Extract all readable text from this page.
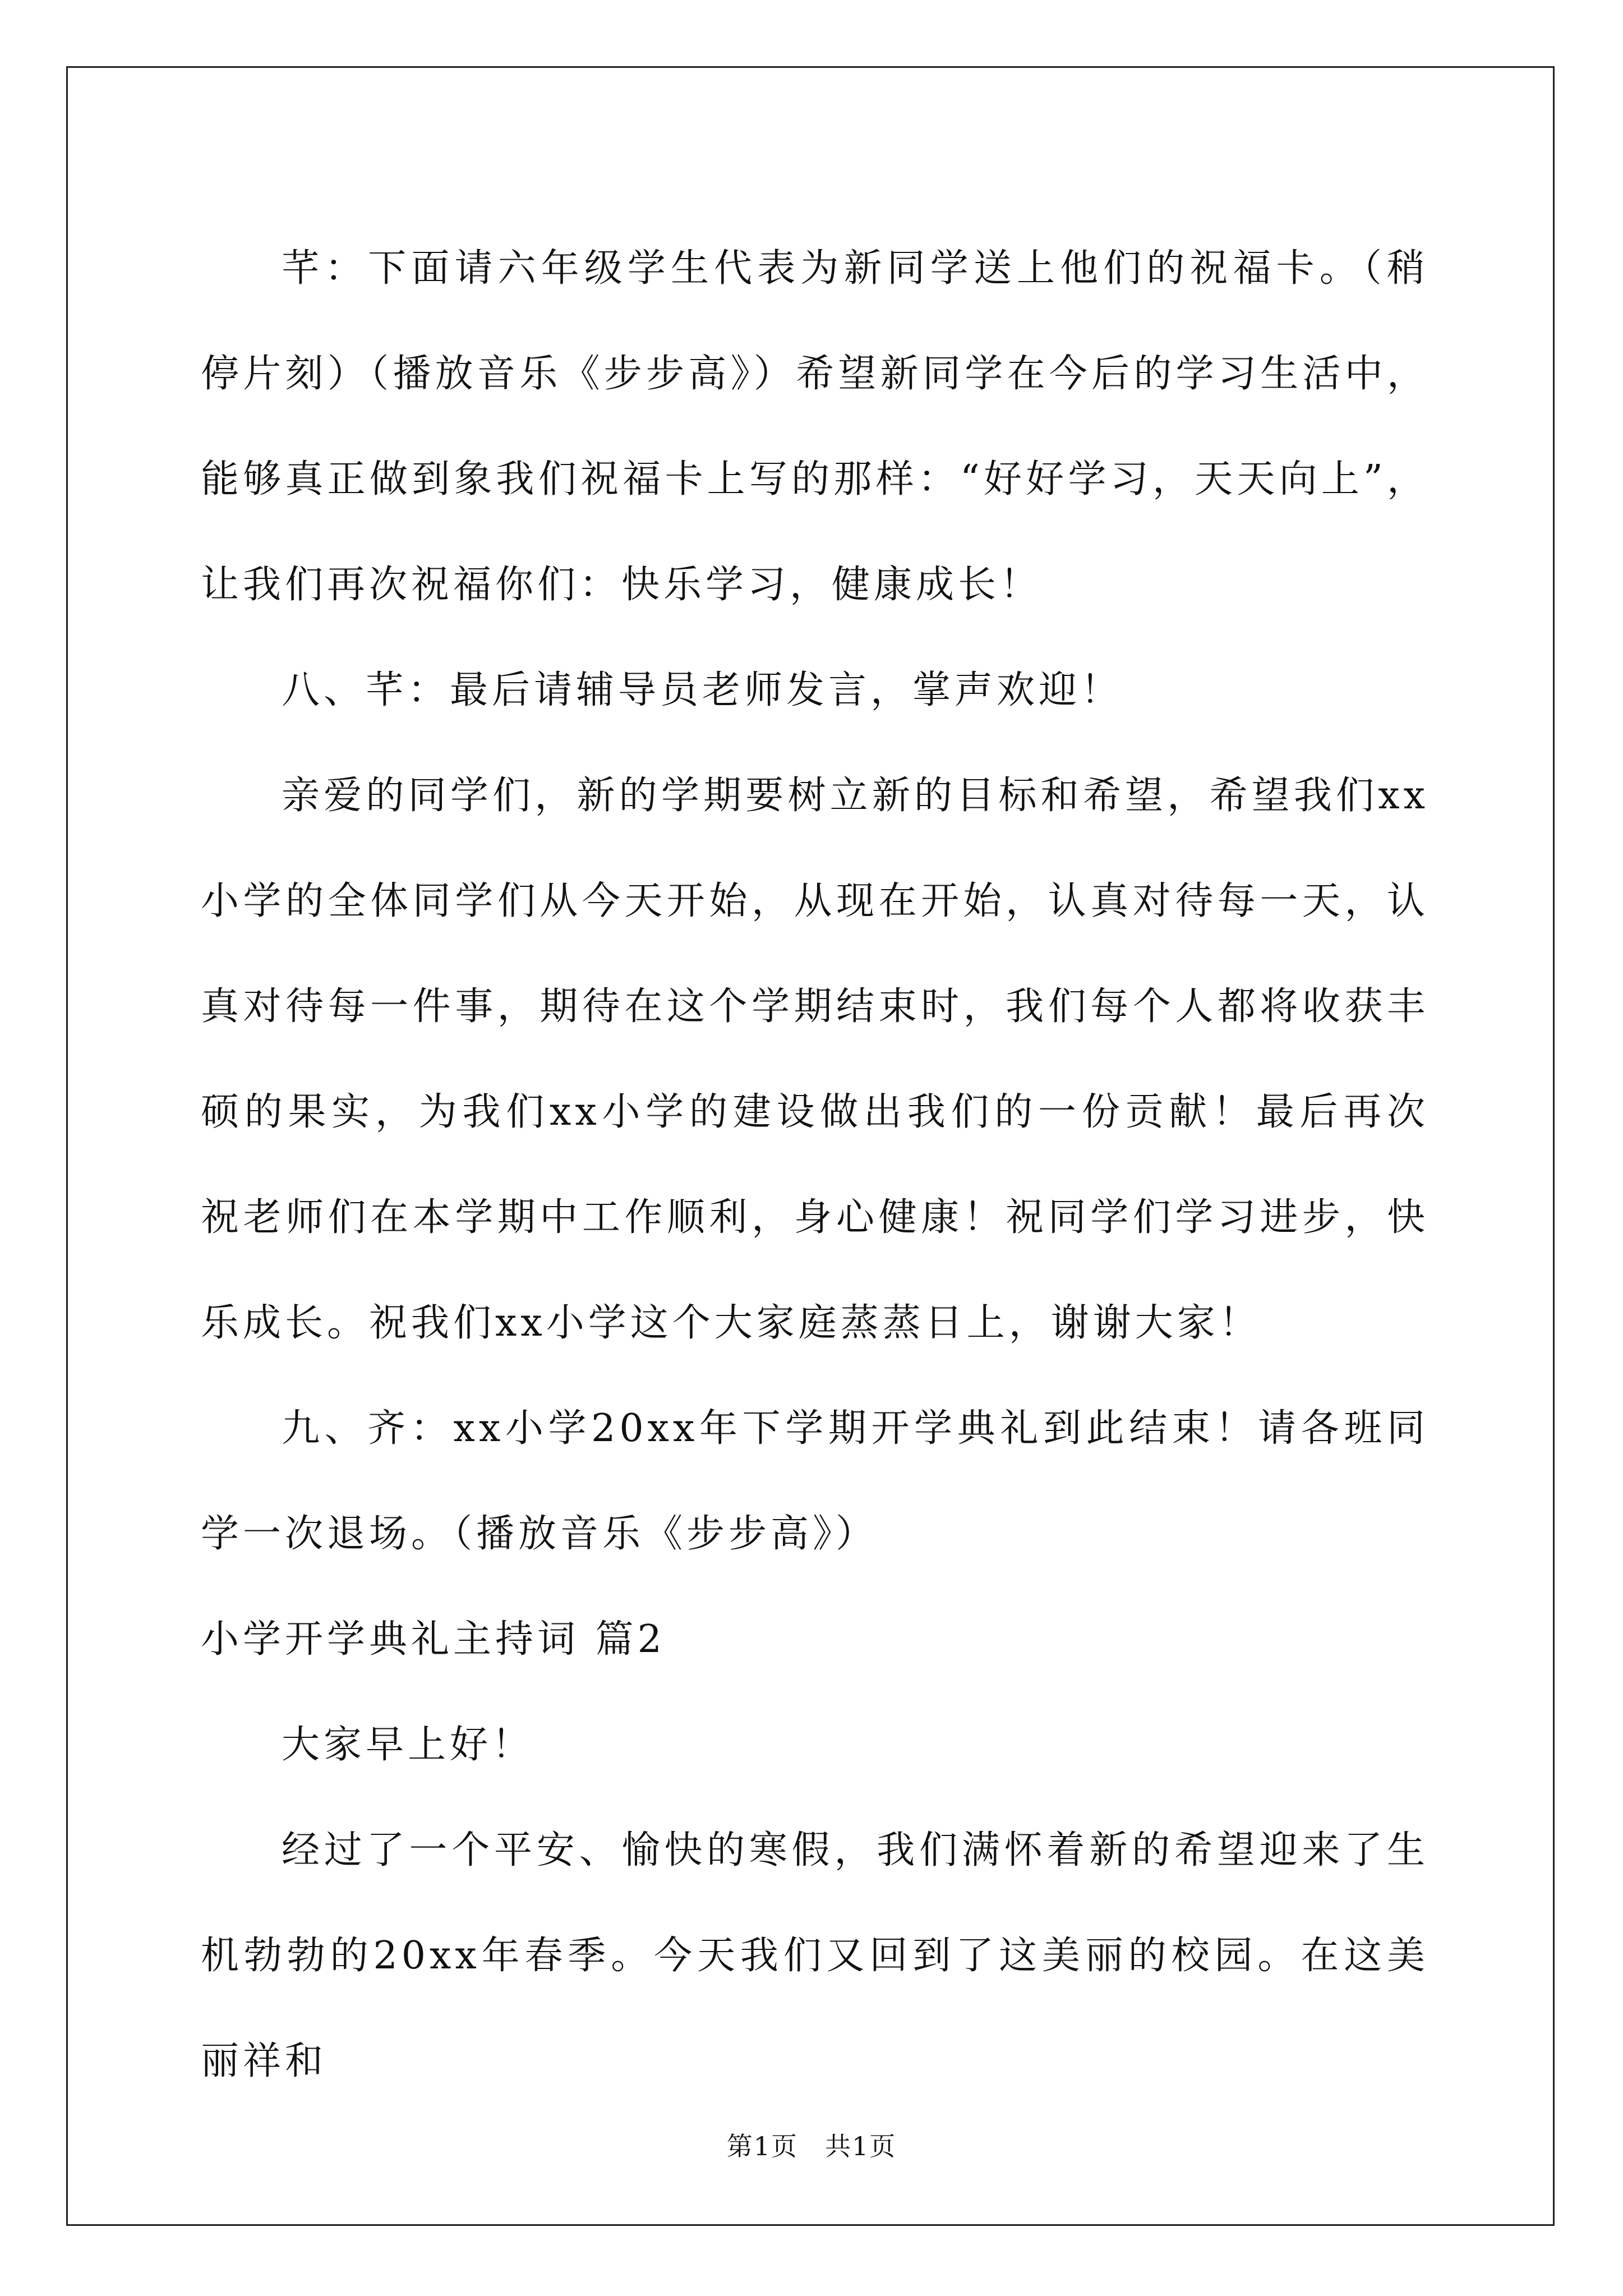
芊：下面请六年级学生代表为新同学送上他们的祝福卡。（稍停片刻）（播放音乐《步步高》）希望新同学在今后的学习生活中，能够真正做到象我们祝福卡上写的那样：“好好学习，天天向上”，让我们再次祝福你们：快乐学习，健康成长！

八、芊：最后请辅导员老师发言，掌声欢迎！

亲爱的同学们，新的学期要树立新的目标和希望，希望我们xx小学的全体同学们从今天开始，从现在开始，认真对待每一天，认真对待每一件事，期待在这个学期结束时，我们每个人都将收获丰硕的果实，为我们xx小学的建设做出我们的一份贡献！最后再次祝老师们在本学期中工作顺利，身心健康！祝同学们学习进步，快乐成长。祝我们xx小学这个大家庭蒸蒸日上，谢谢大家！

九、齐：xx小学20xx年下学期开学典礼到此结束！请各班同学一次退场。（播放音乐《步步高》）

小学开学典礼主持词 篇2

大家早上好！

经过了一个平安、愉快的寒假，我们满怀着新的希望迎来了生机勃勃的20xx年春季。今天我们又回到了这美丽的校园。在这美丽祥和

第1页　共1页
